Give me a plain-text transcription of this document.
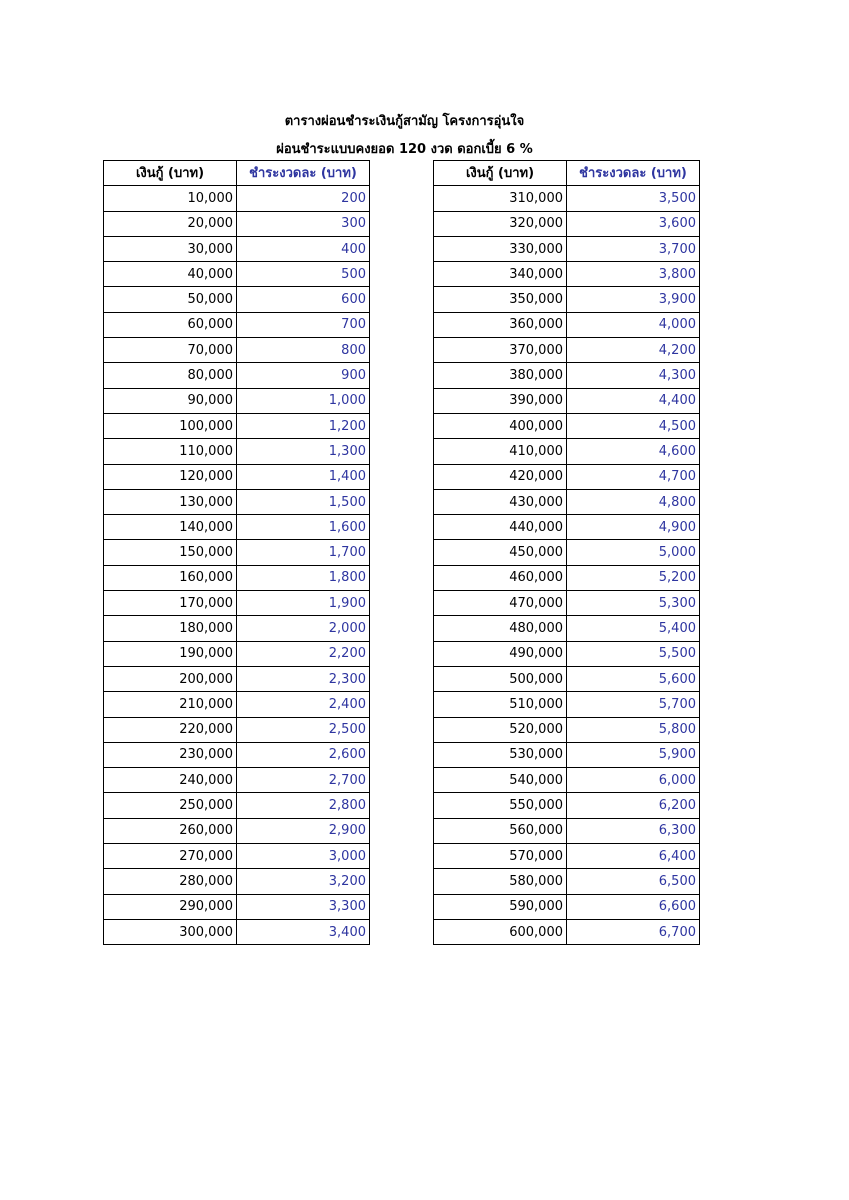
ตารางผ่อนชำระเงินกู้สามัญ โครงการอุ่นใจ
ผ่อนชำระแบบคงยอด 120 งวด ดอกเบี้ย 6 %
เงินกู้ (บาท)	ชำระงวดละ (บาท)
10,000	200
20,000	300
30,000	400
40,000	500
50,000	600
60,000	700
70,000	800
80,000	900
90,000	1,000
100,000	1,200
110,000	1,300
120,000	1,400
130,000	1,500
140,000	1,600
150,000	1,700
160,000	1,800
170,000	1,900
180,000	2,000
190,000	2,200
200,000	2,300
210,000	2,400
220,000	2,500
230,000	2,600
240,000	2,700
250,000	2,800
260,000	2,900
270,000	3,000
280,000	3,200
290,000	3,300
300,000	3,400
เงินกู้ (บาท)	ชำระงวดละ (บาท)
310,000	3,500
320,000	3,600
330,000	3,700
340,000	3,800
350,000	3,900
360,000	4,000
370,000	4,200
380,000	4,300
390,000	4,400
400,000	4,500
410,000	4,600
420,000	4,700
430,000	4,800
440,000	4,900
450,000	5,000
460,000	5,200
470,000	5,300
480,000	5,400
490,000	5,500
500,000	5,600
510,000	5,700
520,000	5,800
530,000	5,900
540,000	6,000
550,000	6,200
560,000	6,300
570,000	6,400
580,000	6,500
590,000	6,600
600,000	6,700
